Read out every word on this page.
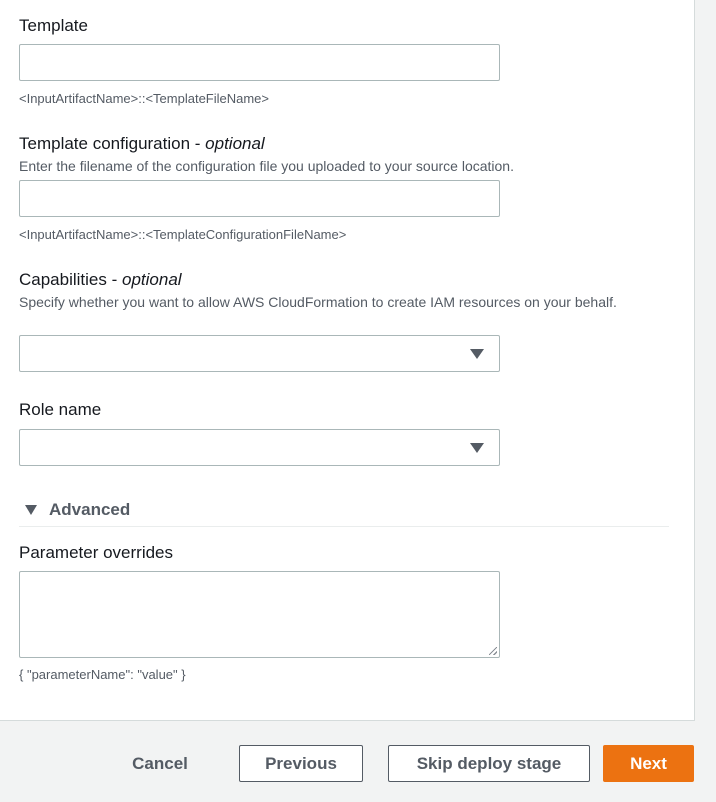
Template
<InputArtifactName>::<TemplateFileName>
Template configuration - optional
Enter the filename of the configuration file you uploaded to your source location.
<InputArtifactName>::<TemplateConfigurationFileName>
Capabilities - optional
Specify whether you want to allow AWS CloudFormation to create IAM resources on your behalf.
Role name
Advanced
Parameter overrides
{ "parameterName": "value" }
Cancel	Previous	Skip deploy stage	Next
